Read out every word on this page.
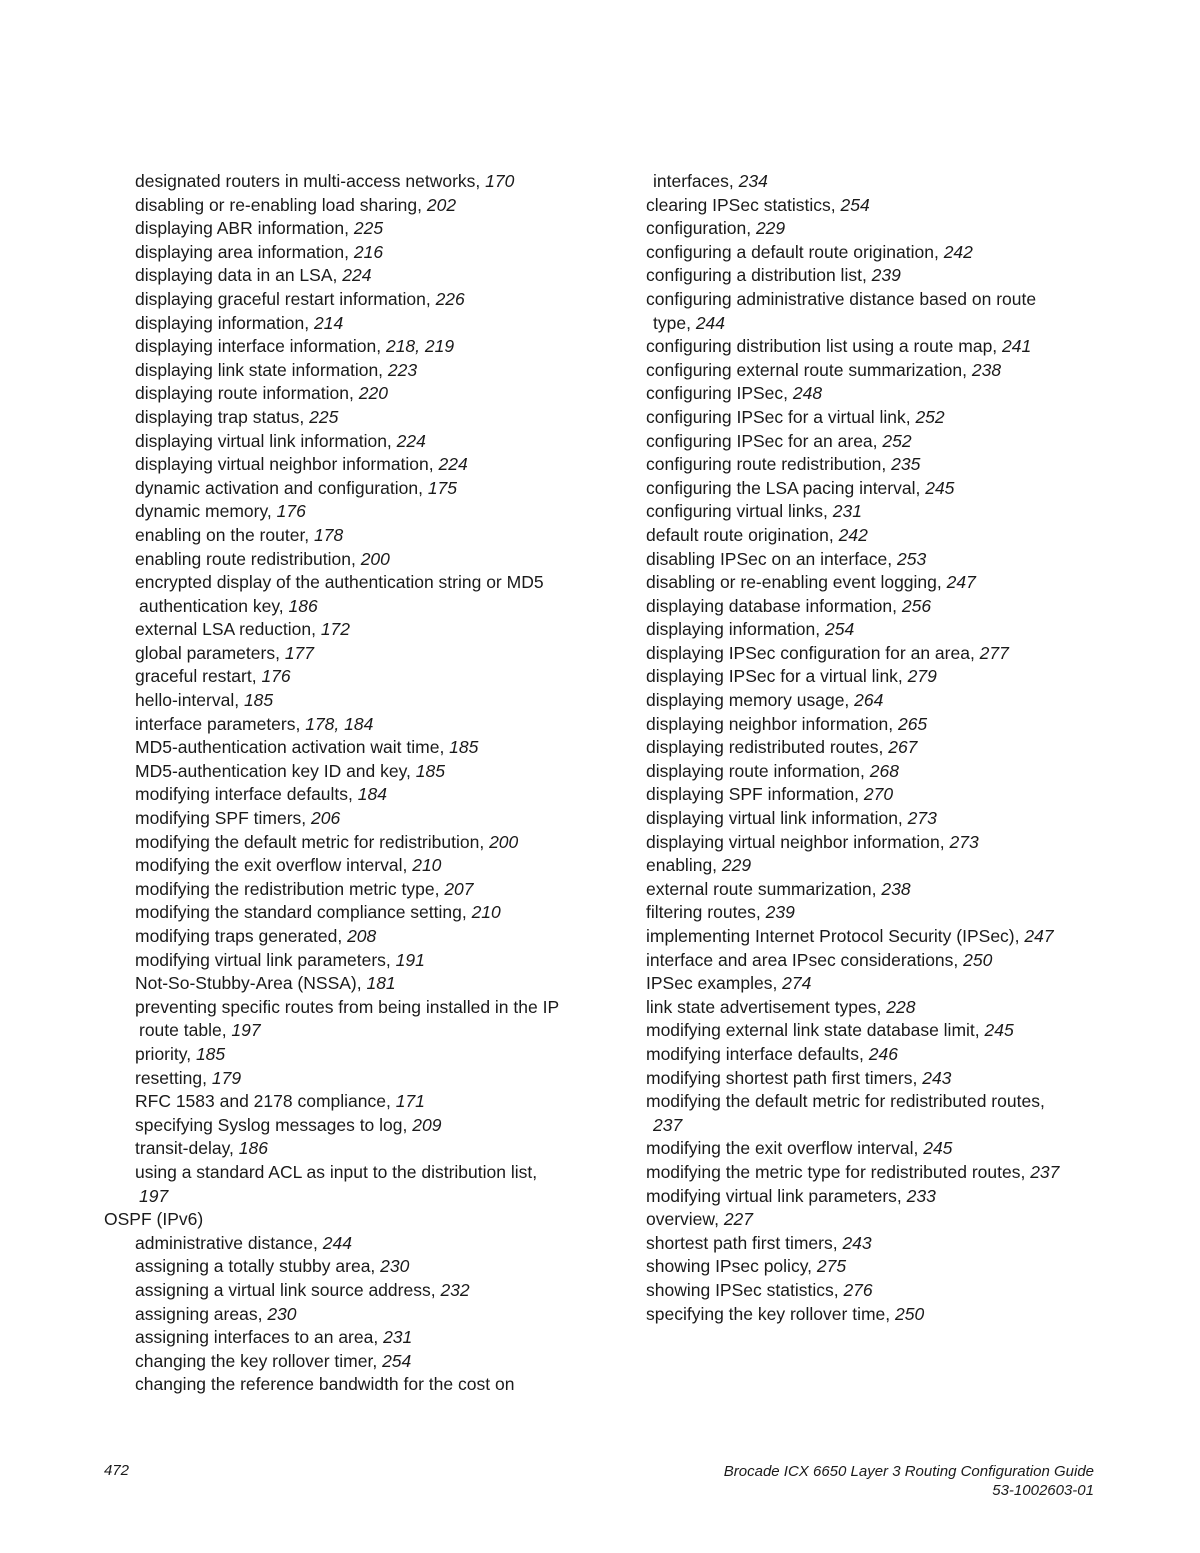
designated routers in multi-access networks, 170
disabling or re-enabling load sharing, 202
displaying ABR information, 225
displaying area information, 216
displaying data in an LSA, 224
displaying graceful restart information, 226
displaying information, 214
displaying interface information, 218, 219
displaying link state information, 223
displaying route information, 220
displaying trap status, 225
displaying virtual link information, 224
displaying virtual neighbor information, 224
dynamic activation and configuration, 175
dynamic memory, 176
enabling on the router, 178
enabling route redistribution, 200
encrypted display of the authentication string or MD5
authentication key, 186
external LSA reduction, 172
global parameters, 177
graceful restart, 176
hello-interval, 185
interface parameters, 178, 184
MD5-authentication activation wait time, 185
MD5-authentication key ID and key, 185
modifying interface defaults, 184
modifying SPF timers, 206
modifying the default metric for redistribution, 200
modifying the exit overflow interval, 210
modifying the redistribution metric type, 207
modifying the standard compliance setting, 210
modifying traps generated, 208
modifying virtual link parameters, 191
Not-So-Stubby-Area (NSSA), 181
preventing specific routes from being installed in the IP
route table, 197
priority, 185
resetting, 179
RFC 1583 and 2178 compliance, 171
specifying Syslog messages to log, 209
transit-delay, 186
using a standard ACL as input to the distribution list,
197
OSPF (IPv6)
administrative distance, 244
assigning a totally stubby area, 230
assigning a virtual link source address, 232
assigning areas, 230
assigning interfaces to an area, 231
changing the key rollover timer, 254
changing the reference bandwidth for the cost on
interfaces, 234
clearing IPSec statistics, 254
configuration, 229
configuring a default route origination, 242
configuring a distribution list, 239
configuring administrative distance based on route
type, 244
configuring distribution list using a route map, 241
configuring external route summarization, 238
configuring IPSec, 248
configuring IPSec for a virtual link, 252
configuring IPSec for an area, 252
configuring route redistribution, 235
configuring the LSA pacing interval, 245
configuring virtual links, 231
default route origination, 242
disabling IPSec on an interface, 253
disabling or re-enabling event logging, 247
displaying database information, 256
displaying information, 254
displaying IPSec configuration for an area, 277
displaying IPSec for a virtual link, 279
displaying memory usage, 264
displaying neighbor information, 265
displaying redistributed routes, 267
displaying route information, 268
displaying SPF information, 270
displaying virtual link information, 273
displaying virtual neighbor information, 273
enabling, 229
external route summarization, 238
filtering routes, 239
implementing Internet Protocol Security (IPSec), 247
interface and area IPsec considerations, 250
IPSec examples, 274
link state advertisement types, 228
modifying external link state database limit, 245
modifying interface defaults, 246
modifying shortest path first timers, 243
modifying the default metric for redistributed routes,
237
modifying the exit overflow interval, 245
modifying the metric type for redistributed routes, 237
modifying virtual link parameters, 233
overview, 227
shortest path first timers, 243
showing IPsec policy, 275
showing IPSec statistics, 276
specifying the key rollover time, 250
472	Brocade ICX 6650 Layer 3 Routing Configuration Guide
53-1002603-01
